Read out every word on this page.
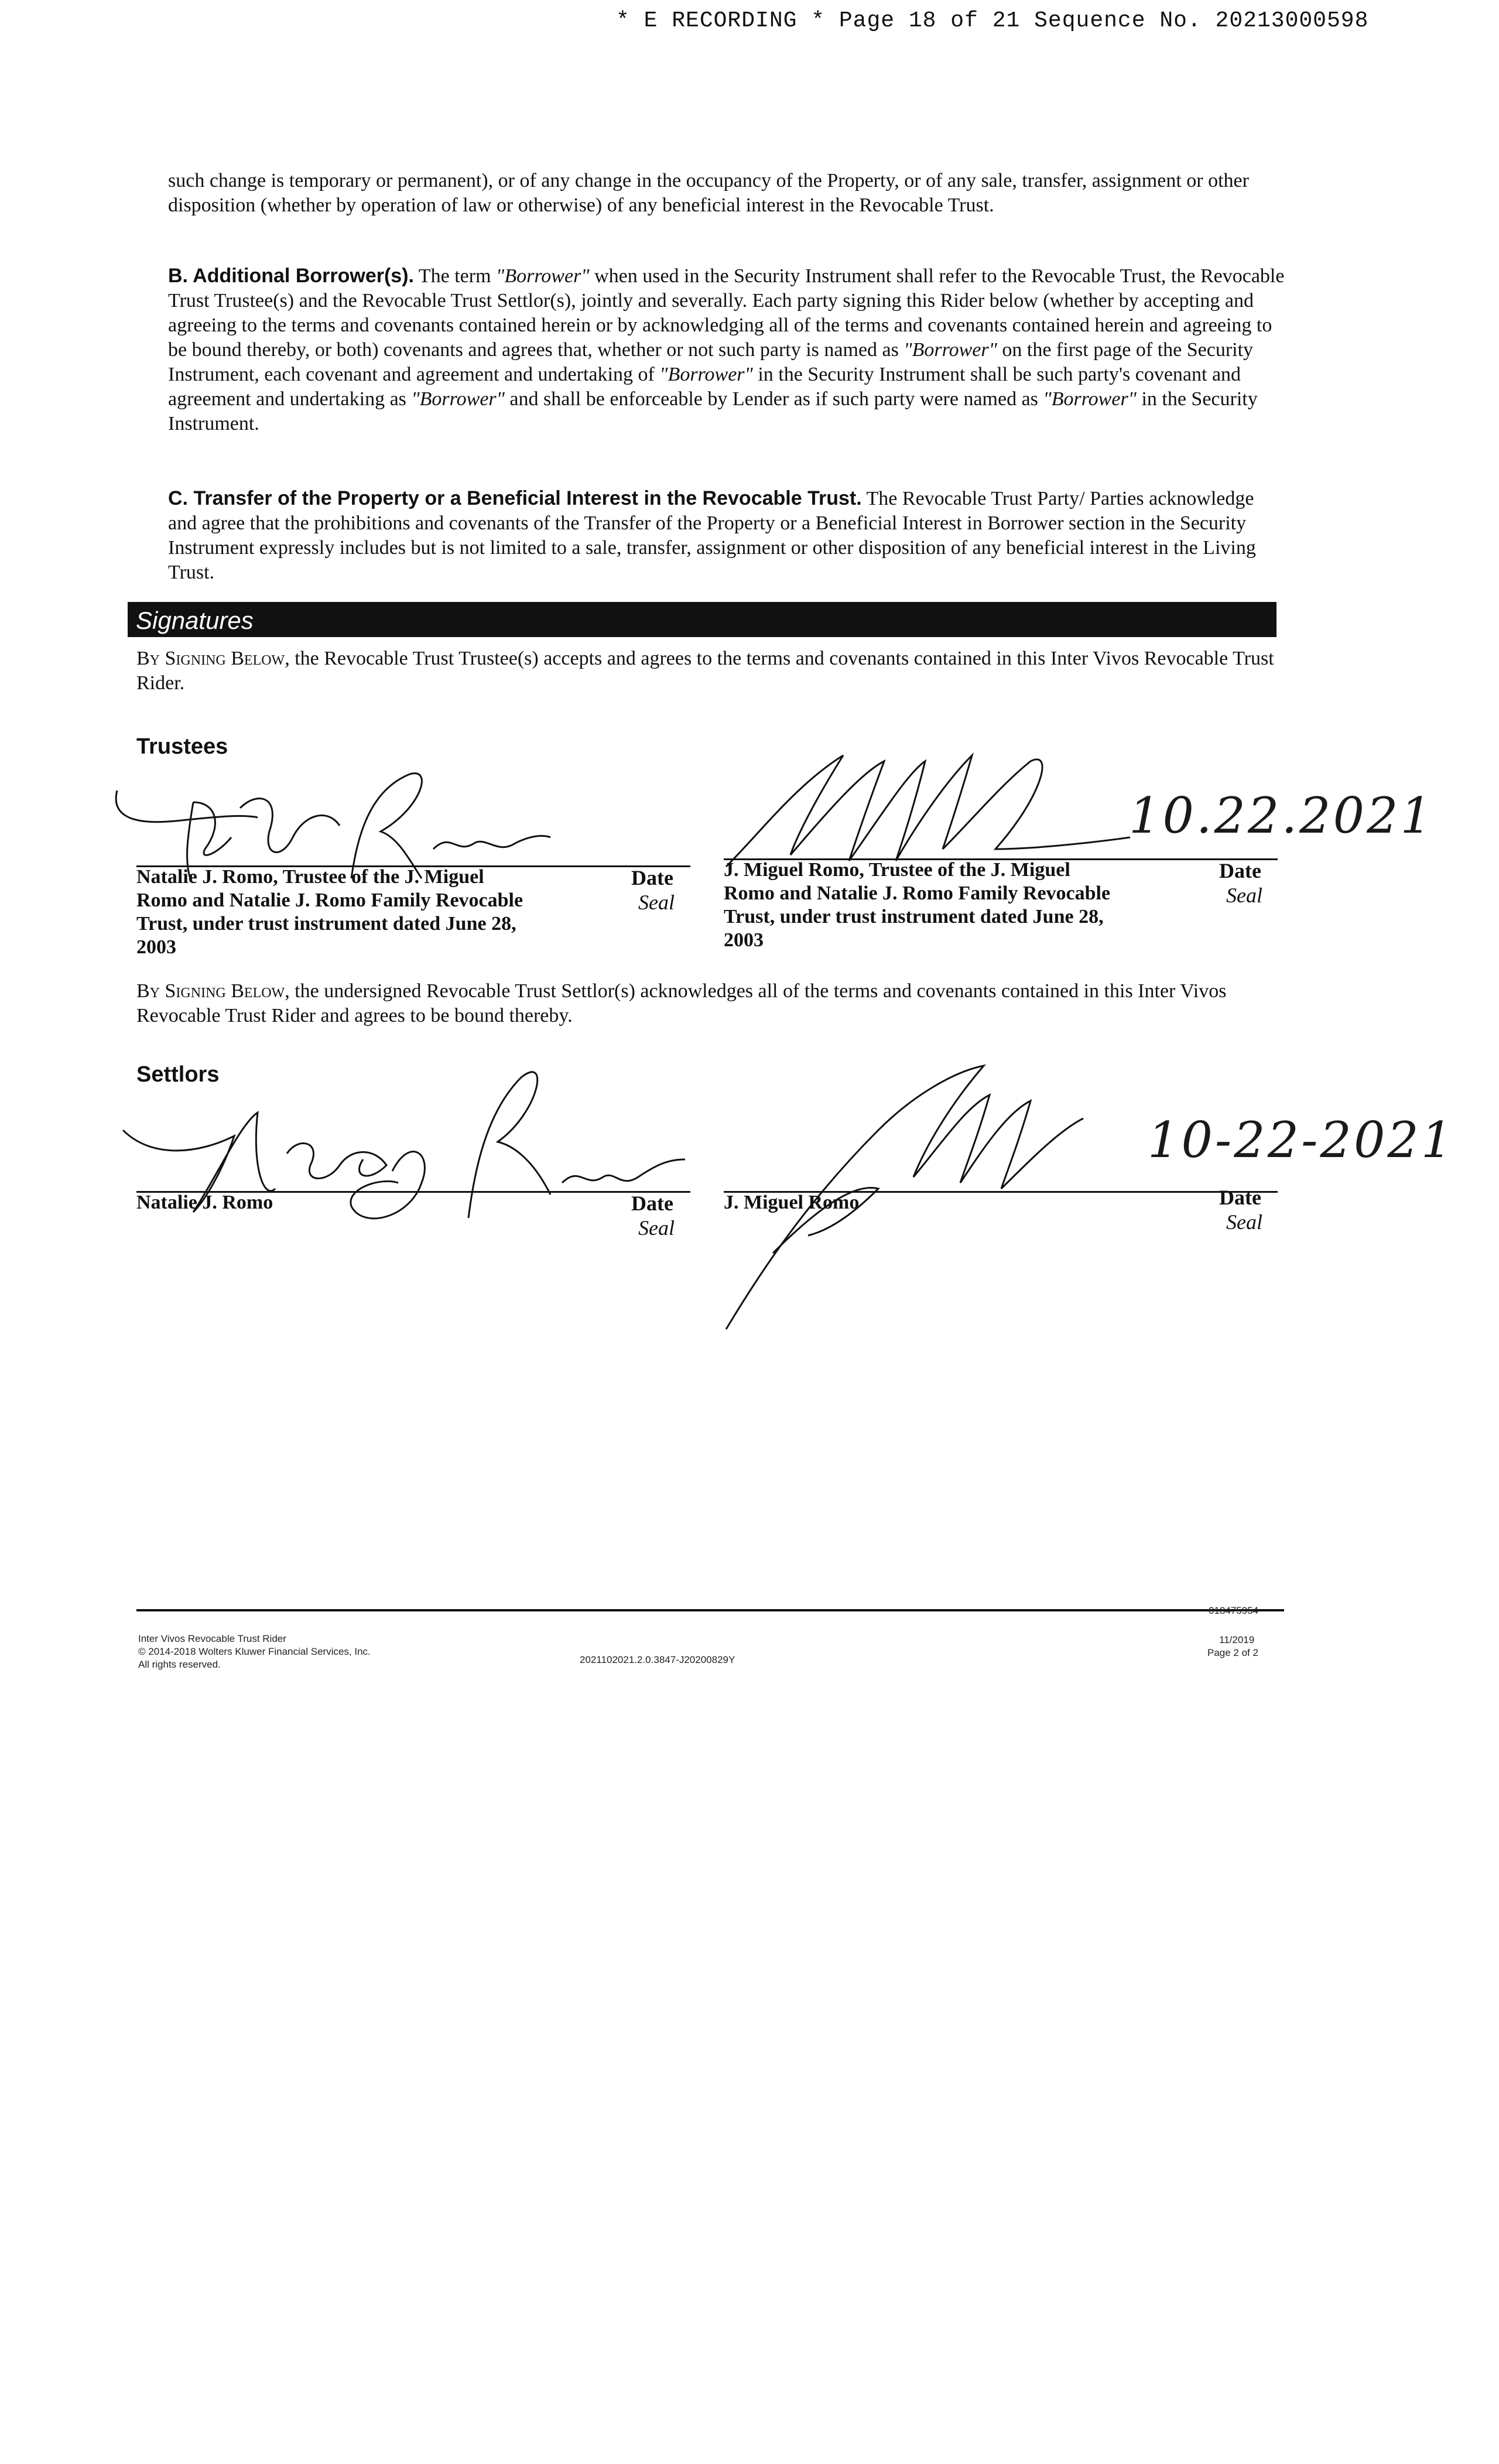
* E RECORDING * Page 18 of 21 Sequence No. 20213000598
such change is temporary or permanent), or of any change in the occupancy of the Property, or of any sale, transfer, assignment or other disposition (whether by operation of law or otherwise) of any beneficial interest in the Revocable Trust.
B. Additional Borrower(s). The term "Borrower" when used in the Security Instrument shall refer to the Revocable Trust, the Revocable Trust Trustee(s) and the Revocable Trust Settlor(s), jointly and severally. Each party signing this Rider below (whether by accepting and agreeing to the terms and covenants contained herein or by acknowledging all of the terms and covenants contained herein and agreeing to be bound thereby, or both) covenants and agrees that, whether or not such party is named as "Borrower" on the first page of the Security Instrument, each covenant and agreement and undertaking of "Borrower" in the Security Instrument shall be such party's covenant and agreement and undertaking as "Borrower" and shall be enforceable by Lender as if such party were named as "Borrower" in the Security Instrument.
C. Transfer of the Property or a Beneficial Interest in the Revocable Trust. The Revocable Trust Party/ Parties acknowledge and agree that the prohibitions and covenants of the Transfer of the Property or a Beneficial Interest in Borrower section in the Security Instrument expressly includes but is not limited to a sale, transfer, assignment or other disposition of any beneficial interest in the Living Trust.
Signatures
By Signing Below, the Revocable Trust Trustee(s) accepts and agrees to the terms and covenants contained in this Inter Vivos Revocable Trust Rider.
Trustees
Natalie J. Romo, Trustee of the J. Miguel Romo and Natalie J. Romo Family Revocable Trust, under trust instrument dated June 28, 2003
Date
Seal
10.22.2021
J. Miguel Romo, Trustee of the J. Miguel Romo and Natalie J. Romo Family Revocable Trust, under trust instrument dated June 28, 2003
Date
Seal
By Signing Below, the undersigned Revocable Trust Settlor(s) acknowledges all of the terms and covenants contained in this Inter Vivos Revocable Trust Rider and agrees to be bound thereby.
Settlors
Natalie J. Romo	Date
Seal
10-22-2021
J. Miguel Romo	Date
Seal
Inter Vivos Revocable Trust Rider
© 2014-2018 Wolters Kluwer Financial Services, Inc.
All rights reserved.	2021102021.2.0.3847-J20200829Y
018475954
11/2019
Page 2 of 2
